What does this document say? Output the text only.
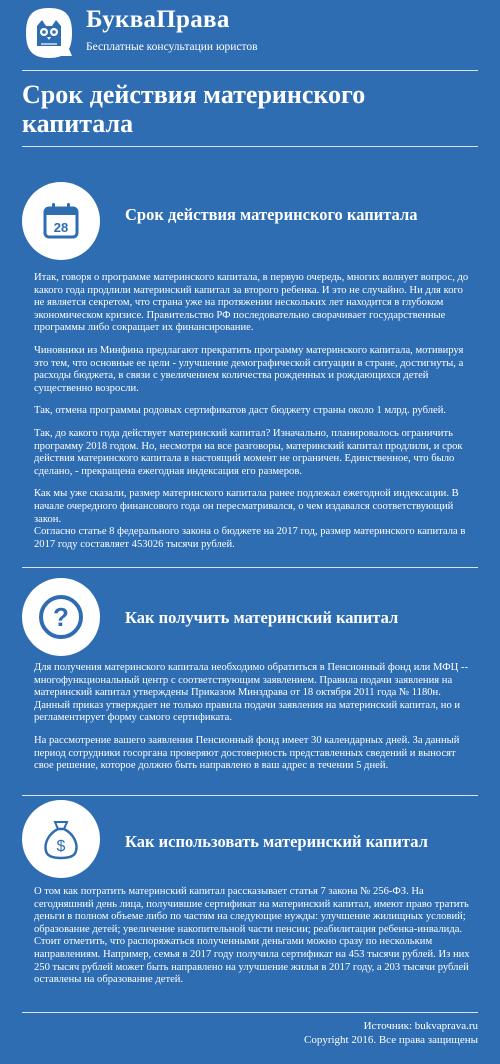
БукваПрава
Бесплатные консультации юристов
Срок действия материнского капитала
28
Срок действия материнского капитала

Итак, говоря о программе материнского капитала, в первую очередь, многих волнует вопрос, до какого года продлили материнский капитал за второго ребенка. И это не случайно. Ни для кого не является секретом, что страна уже на протяжении нескольких лет находится в глубоком экономическом кризисе. Правительство РФ последовательно сворачивает государственные программы либо сокращает их финансирование.

Чиновники из Минфина предлагают прекратить программу материнского капитала, мотивируя это тем, что основные ее цели - улучшение демографической ситуации в стране, достигнуты, а расходы бюджета, в связи с увеличением количества рожденных и рождающихся детей существенно возросли.

Так, отмена программы родовых сертификатов даст бюджету страны около 1 млрд. рублей.

Так, до какого года действует материнский капитал? Изначально, планировалось ограничить программу 2018 годом. Но, несмотря на все разговоры, материнский капитал продлили, и срок действия материнского капитала в настоящий момент не ограничен. Единственное, что было сделано, - прекращена ежегодная индексация его размеров.

Как мы уже сказали, размер материнского капитала ранее подлежал ежегодной индексации. В начале очередного финансового года он пересматривался, о чем издавался соответствующий закон.

Согласно статье 8 федерального закона о бюджете на 2017 год, размер материнского капитала в 2017 году составляет 453026 тысячи рублей.

?	Как получить материнский капитал

Для получения материнского капитала необходимо обратиться в Пенсионный фонд или МФЦ -- многофункциональный центр с соответствующим заявлением. Правила подачи заявления на материнский капитал утверждены Приказом Минздрава от 18 октября 2011 года № 1180н. Данный приказ утверждает не только правила подачи заявления на материнский капитал, но и регламентирует форму самого сертификата.

На рассмотрение вашего заявления Пенсионный фонд имеет 30 календарных дней. За данный период сотрудники госоргана проверяют достоверность представленных сведений и выносят свое решение, которое должно быть направлено в ваш адрес в течении 5 дней.

$	Как использовать материнский капитал

О том как потратить материнский капитал рассказывает статья 7 закона № 256-ФЗ. На сегодняшний день лица, получившие сертификат на материнский капитал, имеют право тратить деньги в полном объеме либо по частям на следующие нужды: улучшение жилищных условий; образование детей; увеличение накопительной части пенсии; реабилитация ребенка-инвалида.

Стоит отметить, что распоряжаться полученными деньгами можно сразу по нескольким направлениям. Например, семья в 2017 году получила сертификат на 453 тысячи рублей. Из них 250 тысяч рублей может быть направлено на улучшение жилья в 2017 году, а 203 тысячи рублей оставлены на образование детей.

Источник: bukvaprava.ru
Copyright 2016. Все права защищены
